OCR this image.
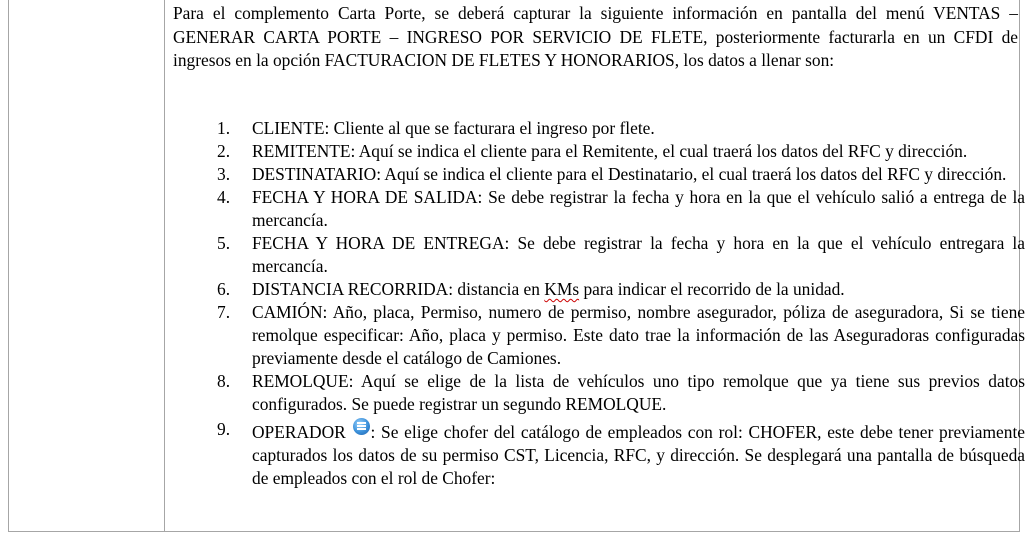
Para el complemento Carta Porte, se deberá capturar la siguiente información en pantalla del menú VENTAS – GENERAR CARTA PORTE – INGRESO POR SERVICIO DE FLETE, posteriormente facturarla en un CFDI de ingresos en la opción FACTURACION DE FLETES Y HONORARIOS, los datos a llenar son:

1. CLIENTE: Cliente al que se facturara el ingreso por flete.
2. REMITENTE: Aquí se indica el cliente para el Remitente, el cual traerá los datos del RFC y dirección.
3. DESTINATARIO: Aquí se indica el cliente para el Destinatario, el cual traerá los datos del RFC y dirección.
4. FECHA Y HORA DE SALIDA: Se debe registrar la fecha y hora en la que el vehículo salió a entrega de la mercancía.
5. FECHA Y HORA DE ENTREGA: Se debe registrar la fecha y hora en la que el vehículo entregara la mercancía.
6. DISTANCIA RECORRIDA: distancia en KMs para indicar el recorrido de la unidad.
7. CAMIÓN: Año, placa, Permiso, numero de permiso, nombre asegurador, póliza de aseguradora, Si se tiene remolque especificar: Año, placa y permiso. Este dato trae la información de las Aseguradoras configuradas previamente desde el catálogo de Camiones.
8. REMOLQUE: Aquí se elige de la lista de vehículos uno tipo remolque que ya tiene sus previos datos configurados. Se puede registrar un segundo REMOLQUE.
9. OPERADOR : Se elige chofer del catálogo de empleados con rol: CHOFER, este debe tener previamente capturados los datos de su permiso CST, Licencia, RFC, y dirección. Se desplegará una pantalla de búsqueda de empleados con el rol de Chofer:
